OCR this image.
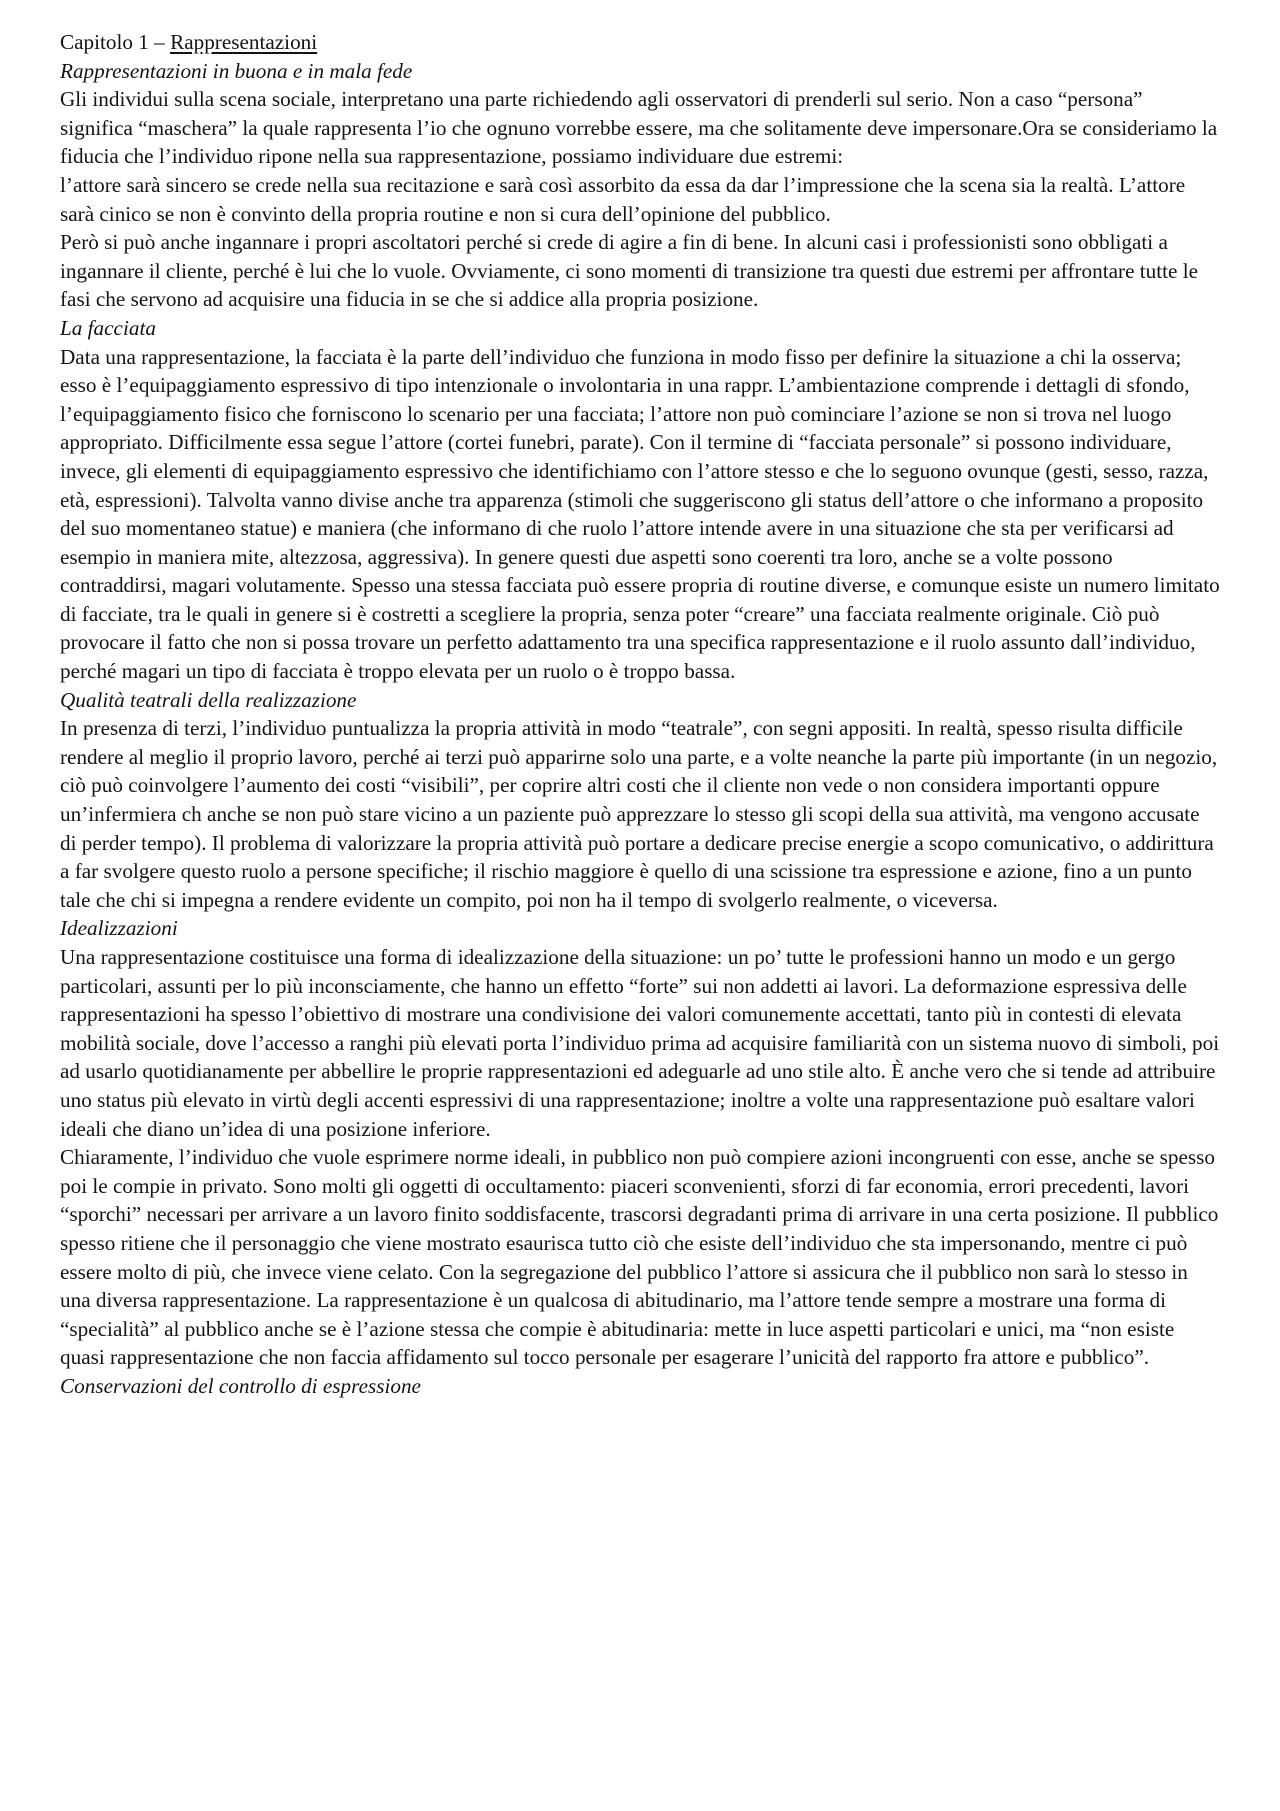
Capitolo 1 – Rappresentazioni

Rappresentazioni in buona e in mala fede

Gli individui sulla scena sociale, interpretano una parte richiedendo agli osservatori di prenderli sul serio. Non a caso “persona” significa “maschera” la quale rappresenta l’io che ognuno vorrebbe essere, ma che solitamente deve impersonare.Ora se consideriamo la fiducia che l’individuo ripone nella sua rappresentazione, possiamo individuare due estremi:

l’attore sarà sincero se crede nella sua recitazione e sarà così assorbito da essa da dar l’impressione che la scena sia la realtà. L’attore sarà cinico se non è convinto della propria routine e non si cura dell’opinione del pubblico.

Però si può anche ingannare i propri ascoltatori perché si crede di agire a fin di bene. In alcuni casi i professionisti sono obbligati a ingannare il cliente, perché è lui che lo vuole. Ovviamente, ci sono momenti di transizione tra questi due estremi per affrontare tutte le fasi che servono ad acquisire una fiducia in se che si addice alla propria posizione.

La facciata

Data una rappresentazione, la facciata è la parte dell’individuo che funziona in modo fisso per definire la situazione a chi la osserva; esso è l’equipaggiamento espressivo di tipo intenzionale o involontaria in una rappr. L’ambientazione comprende i dettagli di sfondo, l’equipaggiamento fisico che forniscono lo scenario per una facciata; l’attore non può cominciare l’azione se non si trova nel luogo appropriato. Difficilmente essa segue l’attore (cortei funebri, parate). Con il termine di “facciata personale” si possono individuare, invece, gli elementi di equipaggiamento espressivo che identifichiamo con l’attore stesso e che lo seguono ovunque (gesti, sesso, razza, età, espressioni). Talvolta vanno divise anche tra apparenza (stimoli che suggeriscono gli status dell’attore o che informano a proposito del suo momentaneo statue) e maniera (che informano di che ruolo l’attore intende avere in una situazione che sta per verificarsi ad esempio in maniera mite, altezzosa, aggressiva). In genere questi due aspetti sono coerenti tra loro, anche se a volte possono contraddirsi, magari volutamente. Spesso una stessa facciata può essere propria di routine diverse, e comunque esiste un numero limitato di facciate, tra le quali in genere si è costretti a scegliere la propria, senza poter “creare” una facciata realmente originale. Ciò può provocare il fatto che non si possa trovare un perfetto adattamento tra una specifica rappresentazione e il ruolo assunto dall’individuo, perché magari un tipo di facciata è troppo elevata per un ruolo o è troppo bassa.

Qualità teatrali della realizzazione

In presenza di terzi, l’individuo puntualizza la propria attività in modo “teatrale”, con segni appositi. In realtà, spesso risulta difficile rendere al meglio il proprio lavoro, perché ai terzi può apparirne solo una parte, e a volte neanche la parte più importante (in un negozio, ciò può coinvolgere l’aumento dei costi “visibili”, per coprire altri costi che il cliente non vede o non considera importanti oppure un’infermiera ch anche se non può stare vicino a un paziente può apprezzare lo stesso gli scopi della sua attività, ma vengono accusate di perder tempo). Il problema di valorizzare la propria attività può portare a dedicare precise energie a scopo comunicativo, o addirittura a far svolgere questo ruolo a persone specifiche; il rischio maggiore è quello di una scissione tra espressione e azione, fino a un punto tale che chi si impegna a rendere evidente un compito, poi non ha il tempo di svolgerlo realmente, o viceversa.

Idealizzazioni

Una rappresentazione costituisce una forma di idealizzazione della situazione: un po’ tutte le professioni hanno un modo e un gergo particolari, assunti per lo più inconsciamente, che hanno un effetto “forte” sui non addetti ai lavori. La deformazione espressiva delle rappresentazioni ha spesso l’obiettivo di mostrare una condivisione dei valori comunemente accettati, tanto più in contesti di elevata mobilità sociale, dove l’accesso a ranghi più elevati porta l’individuo prima ad acquisire familiarità con un sistema nuovo di simboli, poi ad usarlo quotidianamente per abbellire le proprie rappresentazioni ed adeguarle ad uno stile alto. È anche vero che si tende ad attribuire uno status più elevato in virtù degli accenti espressivi di una rappresentazione; inoltre a volte una rappresentazione può esaltare valori ideali che diano un’idea di una posizione inferiore.

Chiaramente, l’individuo che vuole esprimere norme ideali, in pubblico non può compiere azioni incongruenti con esse, anche se spesso poi le compie in privato. Sono molti gli oggetti di occultamento: piaceri sconvenienti, sforzi di far economia, errori precedenti, lavori “sporchi” necessari per arrivare a un lavoro finito soddisfacente, trascorsi degradanti prima di arrivare in una certa posizione. Il pubblico spesso ritiene che il personaggio che viene mostrato esaurisca tutto ciò che esiste dell’individuo che sta impersonando, mentre ci può essere molto di più, che invece viene celato. Con la segregazione del pubblico l’attore si assicura che il pubblico non sarà lo stesso in una diversa rappresentazione. La rappresentazione è un qualcosa di abitudinario, ma l’attore tende sempre a mostrare una forma di “specialità” al pubblico anche se è l’azione stessa che compie è abitudinaria: mette in luce aspetti particolari e unici, ma “non esiste quasi rappresentazione che non faccia affidamento sul tocco personale per esagerare l’unicità del rapporto fra attore e pubblico”.

Conservazioni del controllo di espressione
